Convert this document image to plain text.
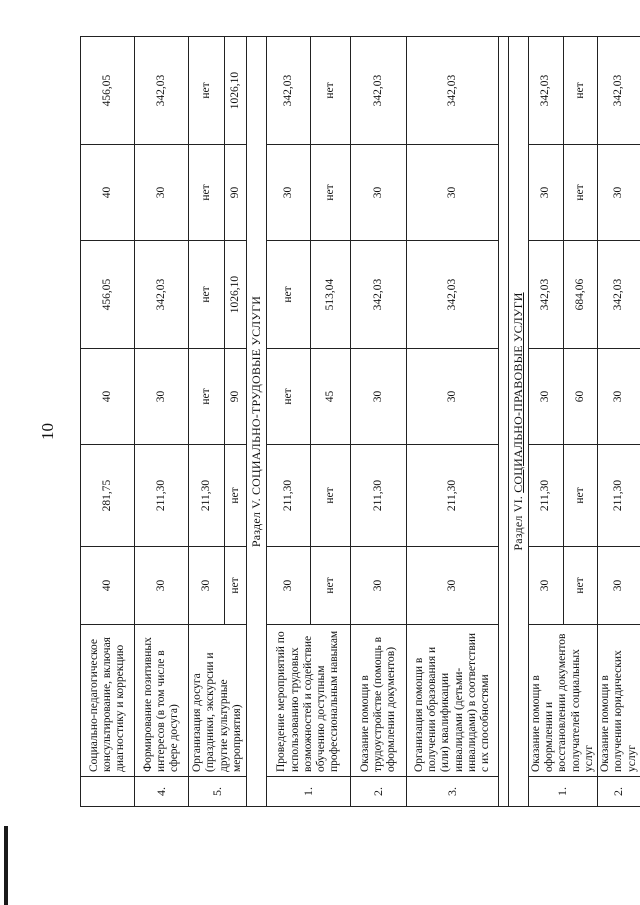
10
	Социально-педагогическое консультирование, включая диагностику и коррекцию	40	281,75	40	456,05	40	456,05
4.	Формирование позитивных интересов (в том числе в сфере досуга)	30	211,30	30	342,03	30	342,03
5.	Организация досуга (праздники, экскурсии и другие культурные мероприятия)	30	211,30	нет	нет	нет	нет
		нет	нет	90	1026,10	90	1026,10
Раздел V. СОЦИАЛЬНО-ТРУДОВЫЕ УСЛУГИ							
1.	Проведение мероприятий по использованию трудовых возможностей и содействие обучению доступным профессиональным навыкам	30	211,30	нет	нет	30	342,03
		нет	нет	45	513,04	нет	нет
2.	Оказание помощи в трудоустройстве (помощь в оформлении документов)	30	211,30	30	342,03	30	342,03
3.	Организация помощи в получении образования и (или) квалификации инвалидами (детьми-инвалидами) в соответствии с их способностями	30	211,30	30	342,03	30	342,03

Раздел VI. СОЦИАЛЬНО-ПРАВОВЫЕ УСЛУГИ							
1.	Оказание помощи в оформлении и восстановлении документов получателей социальных услуг	30	211,30	30	342,03	30	342,03
		нет	нет	60	684,06	нет	нет
2.	Оказание помощи в получении юридических услуг	30	211,30	30	342,03	30	342,03
